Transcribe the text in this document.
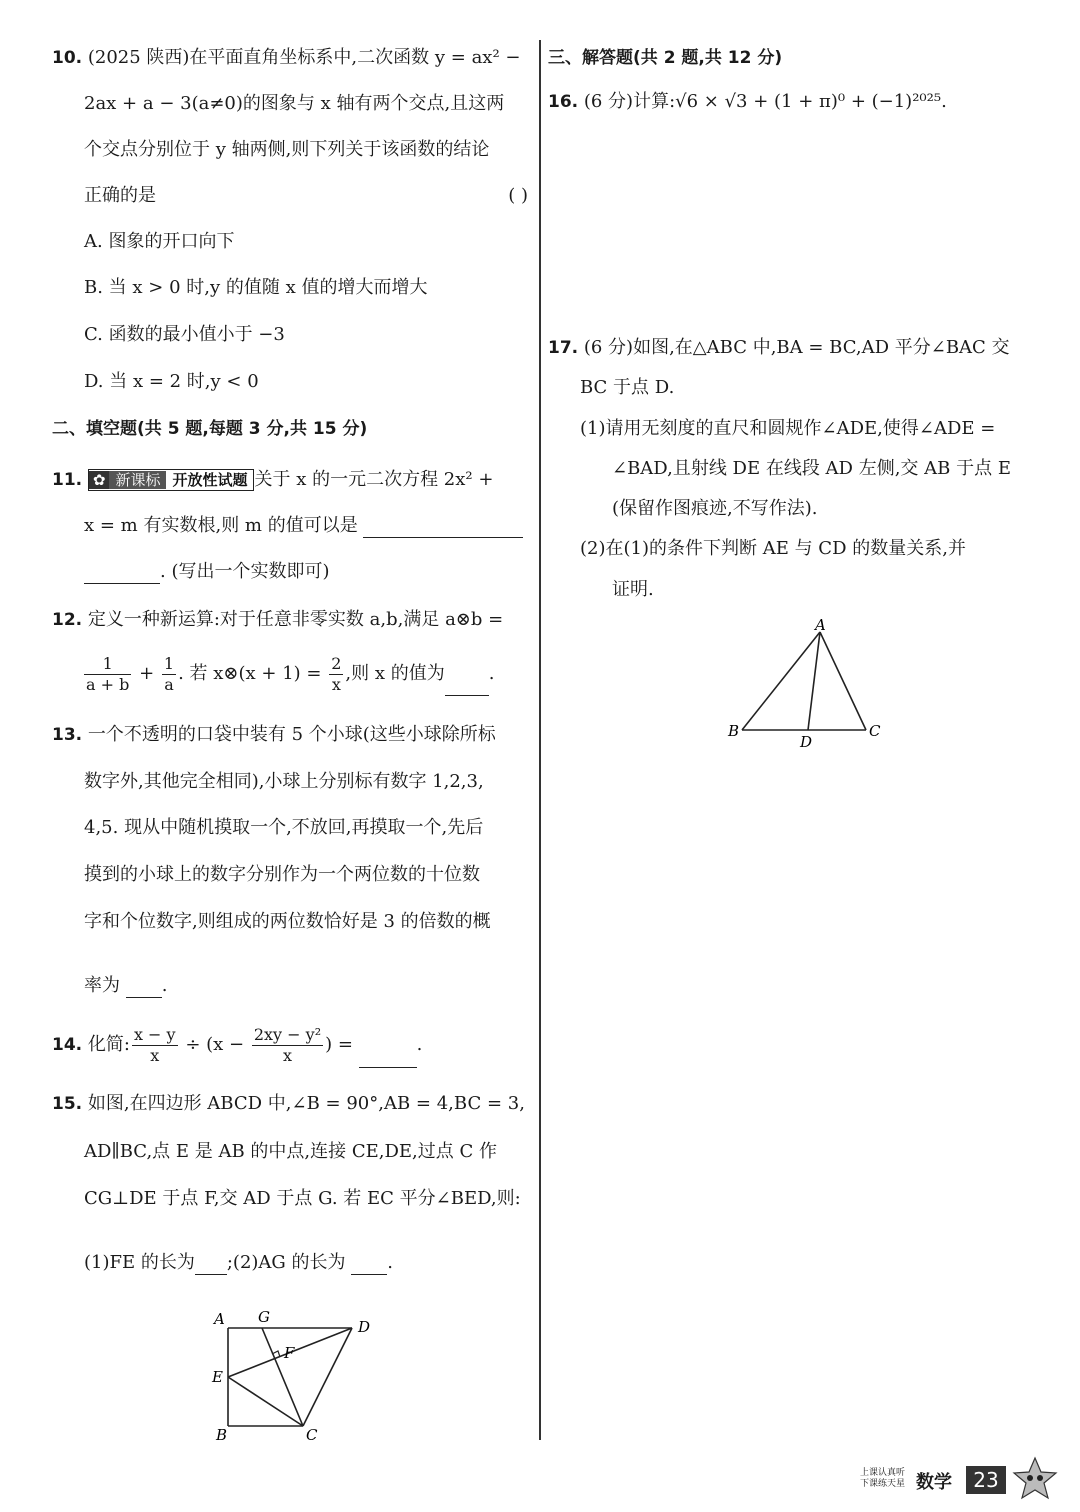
10. (2025 陕西)在平面直角坐标系中,二次函数 y = ax² −
2ax + a − 3(a≠0)的图象与 x 轴有两个交点,且这两
个交点分别位于 y 轴两侧,则下列关于该函数的结论
正确的是	( )
A. 图象的开口向下
B. 当 x > 0 时,y 的值随 x 值的增大而增大
C. 函数的最小值小于 −3
D. 当 x = 2 时,y < 0
二、填空题(共 5 题,每题 3 分,共 15 分)
11. ✿ 新课标 开放性试题 关于 x 的一元二次方程 2x² +
x = m 有实数根,则 m 的值可以是
. (写出一个实数即可)
12. 定义一种新运算:对于任意非零实数 a,b,满足 a⊗b =
$\frac{1}{a + b} + \frac{1}{a}$ . 若 x⊗(x + $1) = \frac{2}{x}$ ,则 x 的值为 .
13. 一个不透明的口袋中装有 5 个小球(这些小球除所标
数字外,其他完全相同),小球上分别标有数字 1,2,3,
4,5. 现从中随机摸取一个,不放回,再摸取一个,先后
摸到的小球上的数字分别作为一个两位数的十位数
字和个位数字,则组成的两位数恰好是 3 的倍数的概
率为 .
14. 化简: $\frac{x - y}{x} \div (x - \frac{\text{2xy − y²}}{x}$ ) =	.
15. 如图,在四边形 ABCD 中,∠B = 90°,AB = 4,BC = 3,
AD∥BC,点 E 是 AB 的中点,连接 CE,DE,过点 C 作
CG⊥DE 于点 F,交 AD 于点 G. 若 EC 平分∠BED,则:
(1)FE 的长为 ;(2)AG 的长为 .
A G
D
E
F
B	C
三、解答题(共 2 题,共 12 分)
16. (6 分)计算:√6 × √3 + (1 + π)⁰ + (−1)²⁰²⁵.
17. (6 分)如图,在△ABC 中,BA = BC,AD 平分∠BAC 交
BC 于点 D.
(1)请用无刻度的直尺和圆规作∠ADE,使得∠ADE =
∠BAD,且射线 DE 在线段 AD 左侧,交 AB 于点 E
(保留作图痕迹,不写作法).
(2)在(1)的条件下判断 AE 与 CD 的数量关系,并
证明.
A
B
D
C
上课认真听
下课练天星 数学	23
